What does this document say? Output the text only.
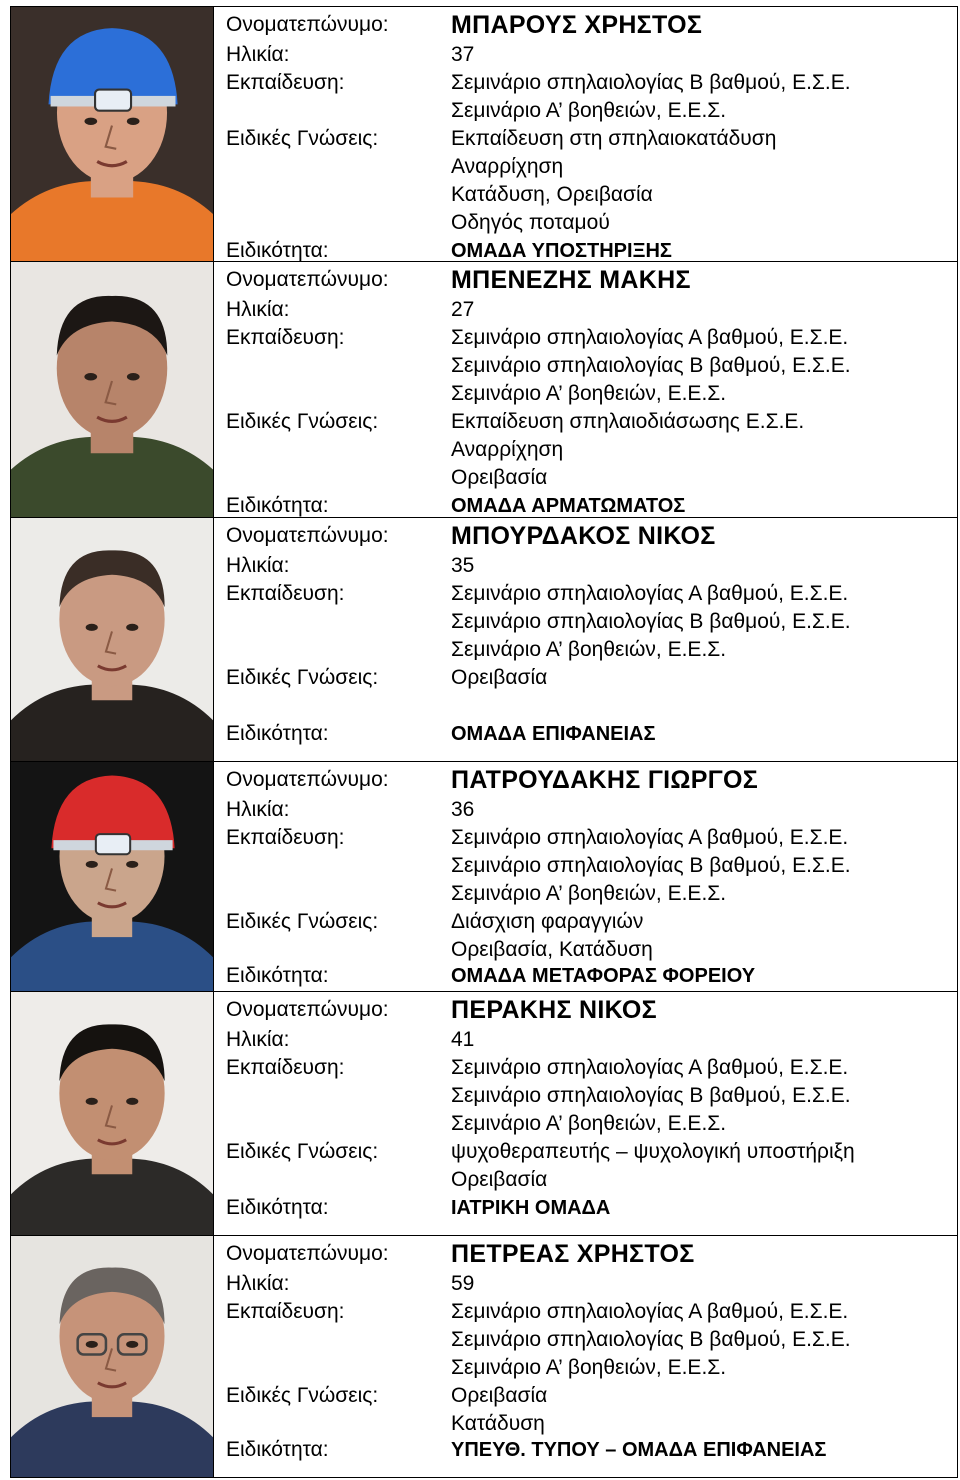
Ονοματεπώνυμο: ΜΠΑΡΟΥΣ ΧΡΗΣΤΟΣ
Ηλικία:	37
Εκπαίδευση:	Σεμινάριο σπηλαιολογίας Β βαθμού, Ε.Σ.Ε.
Σεμινάριο Α’ βοηθειών, Ε.Ε.Σ.
Ειδικές Γνώσεις:	Εκπαίδευση στη σπηλαιοκατάδυση
Αναρρίχηση
Κατάδυση, Ορειβασία
Οδηγός ποταμού
Ειδικότητα:	ΟΜΑΔΑ ΥΠΟΣΤΗΡΙΞΗΣ
Ονοματεπώνυμο: ΜΠΕΝΕΖΗΣ ΜΑΚΗΣ
Ηλικία:	27
Εκπαίδευση:	Σεμινάριο σπηλαιολογίας Α βαθμού, Ε.Σ.Ε.
Σεμινάριο σπηλαιολογίας Β βαθμού, Ε.Σ.Ε.
Σεμινάριο Α’ βοηθειών, Ε.Ε.Σ.
Ειδικές Γνώσεις:	Εκπαίδευση σπηλαιοδιάσωσης Ε.Σ.Ε.
Αναρρίχηση
Ορειβασία
Ειδικότητα:	ΟΜΑΔΑ ΑΡΜΑΤΩΜΑΤΟΣ
Ονοματεπώνυμο: ΜΠΟΥΡΔΑΚΟΣ ΝΙΚΟΣ
Ηλικία:	35
Εκπαίδευση:	Σεμινάριο σπηλαιολογίας Α βαθμού, Ε.Σ.Ε.
Σεμινάριο σπηλαιολογίας Β βαθμού, Ε.Σ.Ε.
Σεμινάριο Α’ βοηθειών, Ε.Ε.Σ.
Ειδικές Γνώσεις:	Ορειβασία
Ειδικότητα:	ΟΜΑΔΑ ΕΠΙΦΑΝΕΙΑΣ
Ονοματεπώνυμο: ΠΑΤΡΟΥΔΑΚΗΣ ΓΙΩΡΓΟΣ
Ηλικία:	36
Εκπαίδευση:	Σεμινάριο σπηλαιολογίας Α βαθμού, Ε.Σ.Ε.
Σεμινάριο σπηλαιολογίας Β βαθμού, Ε.Σ.Ε.
Σεμινάριο Α’ βοηθειών, Ε.Ε.Σ.
Ειδικές Γνώσεις:	Διάσχιση φαραγγιών
Ορειβασία, Κατάδυση
Ειδικότητα:	ΟΜΑΔΑ ΜΕΤΑΦΟΡΑΣ ΦΟΡΕΙΟΥ
Ονοματεπώνυμο: ΠΕΡΑΚΗΣ ΝΙΚΟΣ
Ηλικία:	41
Εκπαίδευση:	Σεμινάριο σπηλαιολογίας Α βαθμού, Ε.Σ.Ε.
Σεμινάριο σπηλαιολογίας Β βαθμού, Ε.Σ.Ε.
Σεμινάριο Α’ βοηθειών, Ε.Ε.Σ.
Ειδικές Γνώσεις:	ψυχοθεραπευτής – ψυχολογική υποστήριξη
Ορειβασία
Ειδικότητα:	ΙΑΤΡΙΚΗ ΟΜΑΔΑ
Ονοματεπώνυμο: ΠΕΤΡΕΑΣ ΧΡΗΣΤΟΣ
Ηλικία:	59
Εκπαίδευση:	Σεμινάριο σπηλαιολογίας Α βαθμού, Ε.Σ.Ε.
Σεμινάριο σπηλαιολογίας Β βαθμού, Ε.Σ.Ε.
Σεμινάριο Α’ βοηθειών, Ε.Ε.Σ.
Ειδικές Γνώσεις:	Ορειβασία
Κατάδυση
Ειδικότητα:	ΥΠΕΥΘ. ΤΥΠΟΥ – ΟΜΑΔΑ ΕΠΙΦΑΝΕΙΑΣ
